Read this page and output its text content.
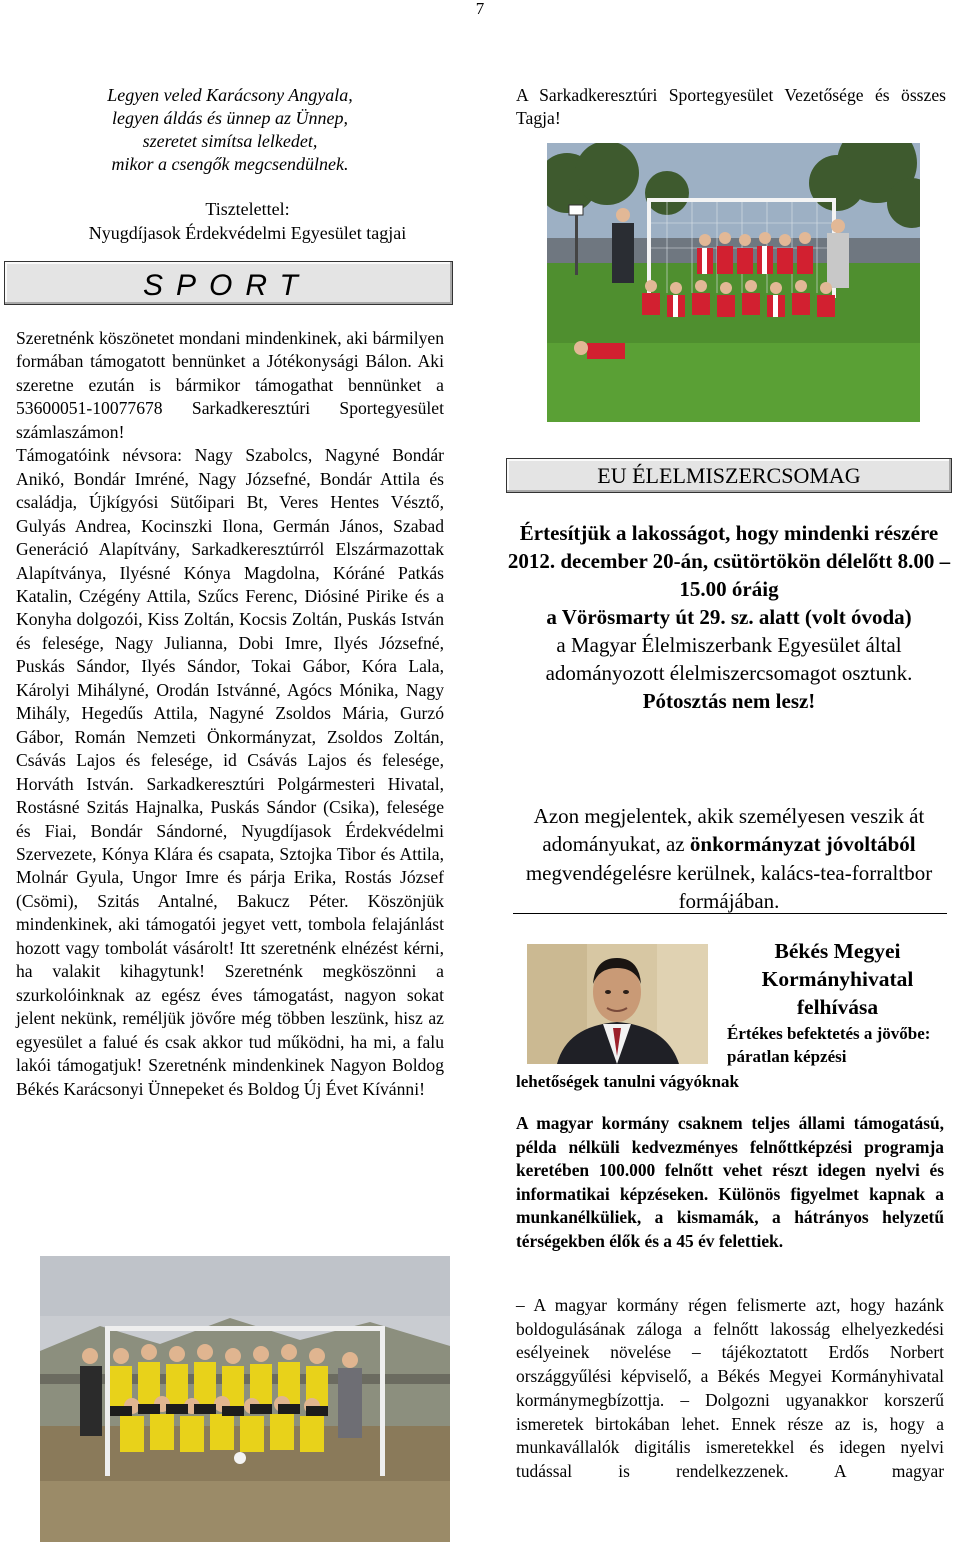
7
Legyen veled Karácsony Angyala,
legyen áldás és ünnep az Ünnep,
szeretet simítsa lelkedet,
mikor a csengők megcsendülnek.
Tisztelettel:
Nyugdíjasok Érdekvédelmi Egyesület tagjai
SPORT

Szeretnénk köszönetet mondani mindenkinek, aki bármilyen formában támogatott bennünket a Jótékonysági Bálon. Aki szeretne ezután is bármikor támogathat bennünket a 53600051-10077678 Sarkadkeresztúri Sportegyesület számlaszámon!

Támogatóink névsora: Nagy Szabolcs, Nagyné Bondár Anikó, Bondár Imréné, Nagy Józsefné, Bondár Attila és családja, Újkígyósi Sütőipari Bt, Veres Hentes Vésztő, Gulyás Andrea, Kocinszki Ilona, Germán János, Szabad Generáció Alapítvány, Sarkadkeresztúrról Elszármazottak Alapítványa, Ilyésné Kónya Magdolna, Kóráné Patkás Katalin, Czégény Attila, Szűcs Ferenc, Diósiné Pirike és a Konyha dolgozói, Kiss Zoltán, Kocsis Zoltán, Puskás István és felesége, Nagy Julianna, Dobi Imre, Ilyés Józsefné, Puskás Sándor, Ilyés Sándor, Tokai Gábor, Kóra Lala, Károlyi Mihályné, Orodán Istvánné, Agócs Mónika, Nagy Mihály, Hegedűs Attila, Nagyné Zsoldos Mária, Gurzó Gábor, Román Nemzeti Önkormányzat, Zsoldos Zoltán, Csávás Lajos és felesége, id Csávás Lajos és felesége, Horváth István. Sarkadkeresztúri Polgármesteri Hivatal, Rostásné Szitás Hajnalka, Puskás Sándor (Csika), felesége és Fiai, Bondár Sándorné, Nyugdíjasok Érdekvédelmi Szervezete, Kónya Klára és csapata, Sztojka Tibor és Attila, Molnár Gyula, Ungor Imre és párja Erika, Rostás József (Csömi), Szitás Antalné, Bakucz Péter. Köszönjük mindenkinek, aki támogatói jegyet vett, tombola felajánlást hozott vagy tombolát vásárolt! Itt szeretnénk elnézést kérni, ha valakit kihagytunk! Szeretnénk megköszönni a szurkolóinknak az egész éves támogatást, nagyon sokat jelent nekünk, reméljük jövőre még többen leszünk, hisz az egyesület a falué és csak akkor tud működni, ha mi, a falu lakói támogatjuk! Szeretnénk mindenkinek Nagyon Boldog Békés Karácsonyi Ünnepeket és Boldog Új Évet Kívánni!

A Sarkadkeresztúri Sportegyesület Vezetősége és összes Tagja!
EU ÉLELMISZERCSOMAG
Értesítjük a lakosságot, hogy mindenki részére
2012. december 20-án, csütörtökön délelőtt 8.00 – 15.00 óráig
a Vörösmarty út 29. sz. alatt (volt óvoda)
a Magyar Élelmiszerbank Egyesület által adományozott élelmiszercsomagot osztunk.
Pótosztás nem lesz!
Azon megjelentek, akik személyesen veszik át adományukat, az önkormányzat jóvoltából megvendégelésre kerülnek, kalács-tea-forraltbor formájában.
Békés Megyei Kormányhivatal felhívása
Értékes befektetés a jövőbe: páratlan képzési
lehetőségek tanulni vágyóknak
A magyar kormány csaknem teljes állami támogatású, példa nélküli kedvezményes felnőttképzési programja keretében 100.000 felnőtt vehet részt idegen nyelvi és informatikai képzéseken. Különös figyelmet kapnak a munkanélküliek, a kismamák, a hátrányos helyzetű térségekben élők és a 45 év felettiek.
– A magyar kormány régen felismerte azt, hogy hazánk boldogulásának záloga a felnőtt lakosság elhelyezkedési esélyeinek növelése – tájékoztatott Erdős Norbert országgyűlési képviselő, a Békés Megyei Kormányhivatal kormánymegbízottja. – Dolgozni ugyanakkor korszerű ismeretek birtokában lehet. Ennek része az is, hogy a munkavállalók digitális ismeretekkel és idegen nyelvi tudással is rendelkezzenek. A magyar
